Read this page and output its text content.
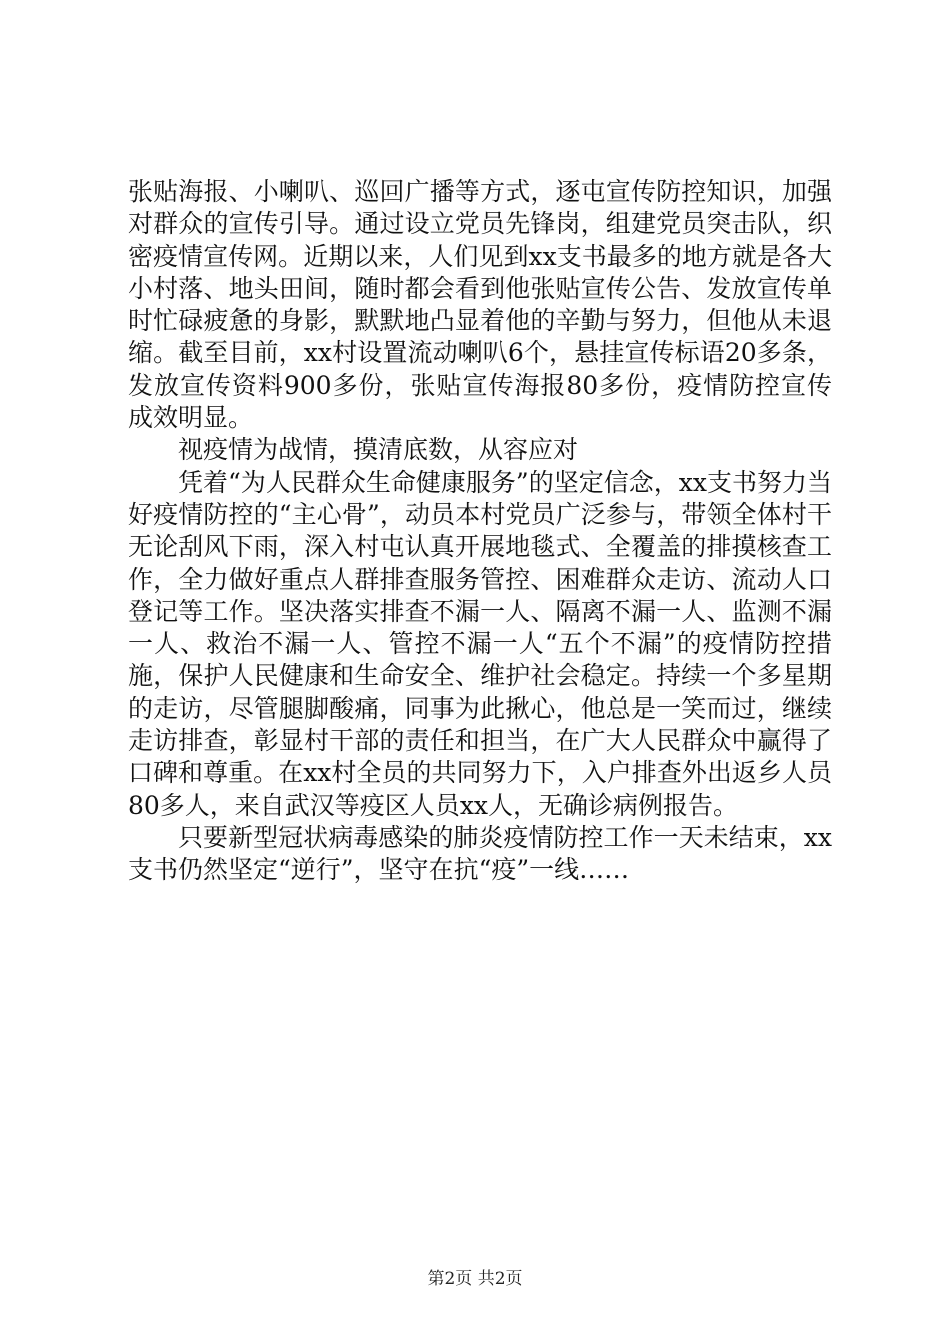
张贴海报、小喇叭、巡回广播等方式，逐屯宣传防控知识，加强对群众的宣传引导。通过设立党员先锋岗，组建党员突击队，织密疫情宣传网。近期以来，人们见到xx支书最多的地方就是各大小村落、地头田间，随时都会看到他张贴宣传公告、发放宣传单时忙碌疲惫的身影，默默地凸显着他的辛勤与努力，但他从未退缩。截至目前，xx村设置流动喇叭6个，悬挂宣传标语20多条，发放宣传资料900多份，张贴宣传海报80多份，疫情防控宣传成效明显。

视疫情为战情，摸清底数，从容应对

凭着“为人民群众生命健康服务”的坚定信念，xx支书努力当好疫情防控的“主心骨”，动员本村党员广泛参与，带领全体村干无论刮风下雨，深入村屯认真开展地毯式、全覆盖的排摸核查工作，全力做好重点人群排查服务管控、困难群众走访、流动人口登记等工作。坚决落实排查不漏一人、隔离不漏一人、监测不漏一人、救治不漏一人、管控不漏一人“五个不漏”的疫情防控措施，保护人民健康和生命安全、维护社会稳定。持续一个多星期的走访，尽管腿脚酸痛，同事为此揪心，他总是一笑而过，继续走访排查，彰显村干部的责任和担当，在广大人民群众中赢得了口碑和尊重。在xx村全员的共同努力下，入户排查外出返乡人员80多人，来自武汉等疫区人员xx人，无确诊病例报告。

只要新型冠状病毒感染的肺炎疫情防控工作一天未结束，xx支书仍然坚定“逆行”，坚守在抗“疫”一线……

第2页 共2页
